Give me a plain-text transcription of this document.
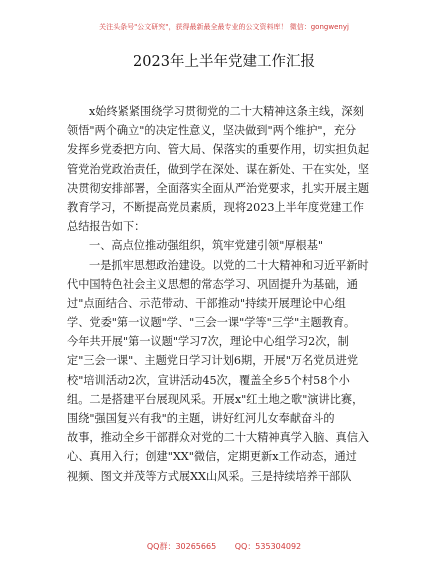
关注头条号"公文研究"，获得最新最全最专业的公文资料库！ 微信：gongwenyj
2023年上半年党建工作汇报
x始终紧紧围绕学习贯彻党的二十大精神这条主线，深刻
领悟"两个确立"的决定性意义，坚决做到"两个维护"，充分
发挥乡党委把方向、管大局、保落实的重要作用，切实担负起
管党治党政治责任，做到学在深处、谋在新处、干在实处，坚
决贯彻安排部署，全面落实全面从严治党要求，扎实开展主题
教育学习，不断提高党员素质，现将2023上半年度党建工作
总结报告如下：
一、高点位推动强组织，筑牢党建引领"厚根基"
一是抓牢思想政治建设。以党的二十大精神和习近平新时
代中国特色社会主义思想的常态学习、巩固提升为基础，通
过"点面结合、示范带动、干部推动"持续开展理论中心组
学、党委"第一议题"学、"三会一课"学等"三学"主题教育。
今年共开展"第一议题"学习7次，理论中心组学习2次，制
定"三会一课"、主题党日学习计划6期，开展"万名党员进党
校"培训活动2次，宣讲活动45次，覆盖全乡5个村58个小
组。二是搭建平台展现风采。开展x"红土地之歌"演讲比赛，
围绕"强国复兴有我"的主题，讲好红河儿女奉献奋斗的
故事，推动全乡干部群众对党的二十大精神真学入脑、真信入
心、真用入行；创建"XX"微信，定期更新x工作动态，通过
视频、图文并茂等方式展XX山风采。三是持续培养干部队
QQ群：30265665 QQ：535304092
